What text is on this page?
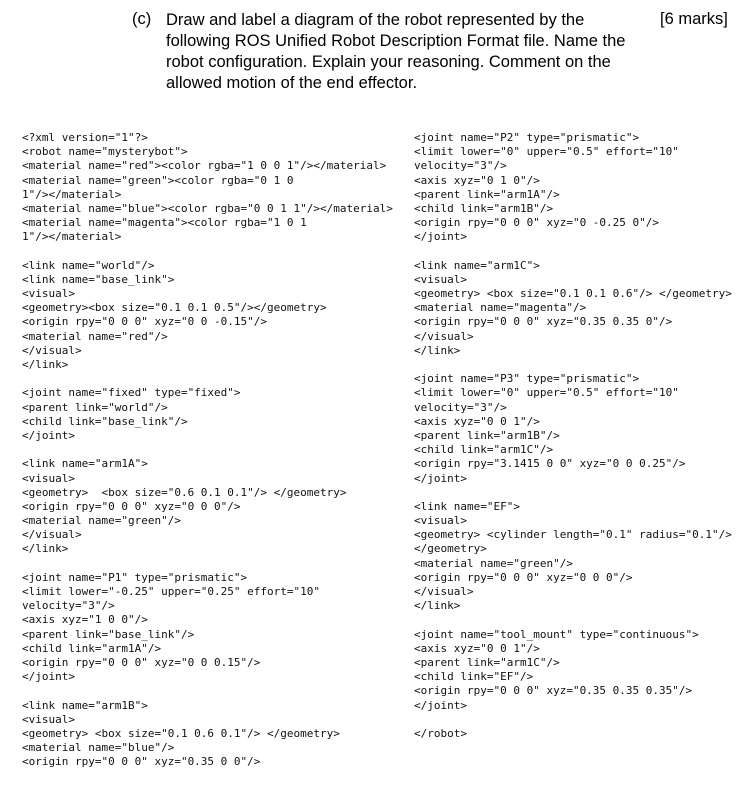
(c) Draw and label a diagram of the robot represented by the
following ROS Unified Robot Description Format file. Name the
robot configuration. Explain your reasoning. Comment on the
allowed motion of the end effector.
[6 marks]
<?xml version="1"?>
<robot name="mysterybot">
<material name="red"><color rgba="1 0 0 1"/></material>
<material name="green"><color rgba="0 1 0
1"/></material>
<material name="blue"><color rgba="0 0 1 1"/></material>
<material name="magenta"><color rgba="1 0 1
1"/></material>
<link name="world"/>
<link name="base_link">
<visual>
<geometry><box size="0.1 0.1 0.5"/></geometry>
<origin rpy="0 0 0" xyz="0 0 -0.15"/>
<material name="red"/>
</visual>
</link>
<joint name="fixed" type="fixed">
<parent link="world"/>
<child link="base_link"/>
</joint>
<link name="arm1A">
<visual>
<geometry>  <box size="0.6 0.1 0.1"/> </geometry>
<origin rpy="0 0 0" xyz="0 0 0"/>
<material name="green"/>
</visual>
</link>
<joint name="P1" type="prismatic">
<limit lower="-0.25" upper="0.25" effort="10"
velocity="3"/>
<axis xyz="1 0 0"/>
<parent link="base_link"/>
<child link="arm1A"/>
<origin rpy="0 0 0" xyz="0 0 0.15"/>
</joint>
<link name="arm1B">
<visual>
<geometry> <box size="0.1 0.6 0.1"/> </geometry>
<material name="blue"/>
<origin rpy="0 0 0" xyz="0.35 0 0"/>
<joint name="P2" type="prismatic">
<limit lower="0" upper="0.5" effort="10"
velocity="3"/>
<axis xyz="0 1 0"/>
<parent link="arm1A"/>
<child link="arm1B"/>
<origin rpy="0 0 0" xyz="0 -0.25 0"/>
</joint>
<link name="arm1C">
<visual>
<geometry> <box size="0.1 0.1 0.6"/> </geometry>
<material name="magenta"/>
<origin rpy="0 0 0" xyz="0.35 0.35 0"/>
</visual>
</link>
<joint name="P3" type="prismatic">
<limit lower="0" upper="0.5" effort="10"
velocity="3"/>
<axis xyz="0 0 1"/>
<parent link="arm1B"/>
<child link="arm1C"/>
<origin rpy="3.1415 0 0" xyz="0 0 0.25"/>
</joint>
<link name="EF">
<visual>
<geometry> <cylinder length="0.1" radius="0.1"/>
</geometry>
<material name="green"/>
<origin rpy="0 0 0" xyz="0 0 0"/>
</visual>
</link>
<joint name="tool_mount" type="continuous">
<axis xyz="0 0 1"/>
<parent link="arm1C"/>
<child link="EF"/>
<origin rpy="0 0 0" xyz="0.35 0.35 0.35"/>
</joint>
</robot>
